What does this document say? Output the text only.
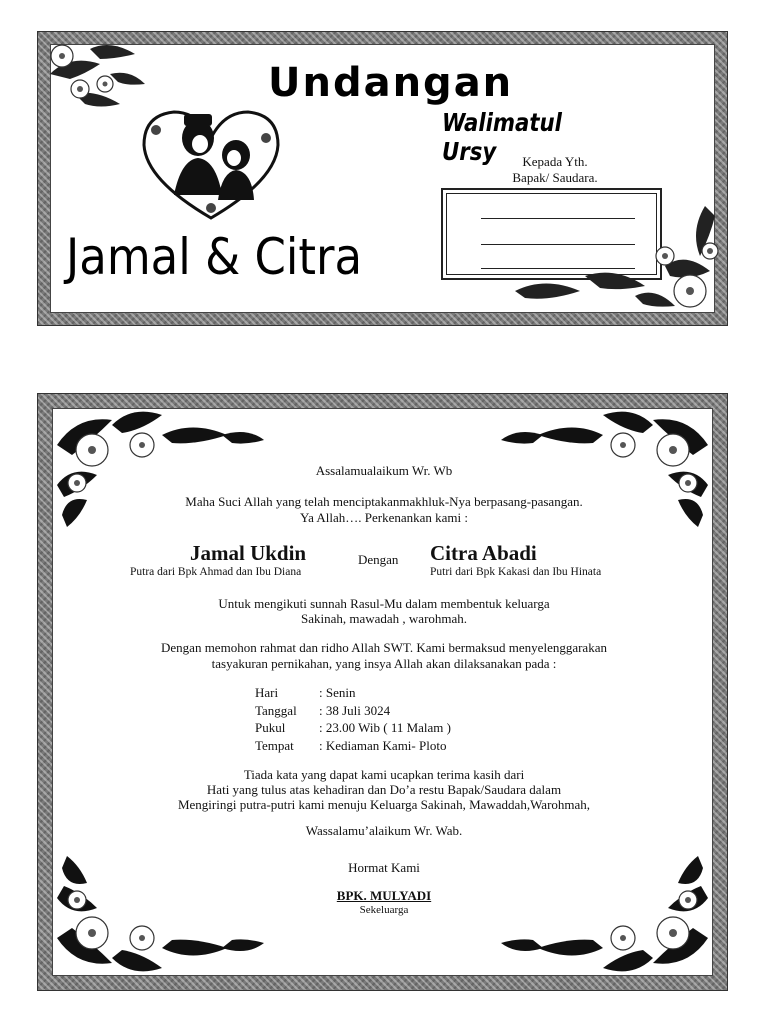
Undangan
Walimatul Ursy
Jamal & Citra
Kepada Yth.
Bapak/ Saudara.
Assalamualaikum Wr. Wb
Maha Suci Allah yang telah menciptakanmakhluk-Nya berpasang-pasangan.
Ya Allah…. Perkenankan kami :
Jamal Ukdin
Putra dari Bpk Ahmad dan Ibu Diana
Dengan Citra Abadi
Putri dari Bpk Kakasi dan Ibu Hinata
Untuk mengikuti sunnah Rasul-Mu dalam membentuk keluarga
Sakinah, mawadah , warohmah.
Dengan memohon rahmat dan ridho Allah SWT. Kami bermaksud menyelenggarakan
tasyakuran pernikahan, yang insya Allah akan dilaksanakan pada :
Hari	: Senin
Tanggal : 38 Juli 3024
Pukul	: 23.00 Wib ( 11 Malam )
Tempat : Kediaman Kami- Ploto
Tiada kata yang dapat kami ucapkan terima kasih dari
Hati yang tulus atas kehadiran dan Do’a restu Bapak/Saudara dalam
Mengiringi putra-putri kami menuju Keluarga Sakinah, Mawaddah,Warohmah,
Wassalamu’alaikum Wr. Wab.
Hormat Kami
BPK. MULYADI
Sekeluarga
